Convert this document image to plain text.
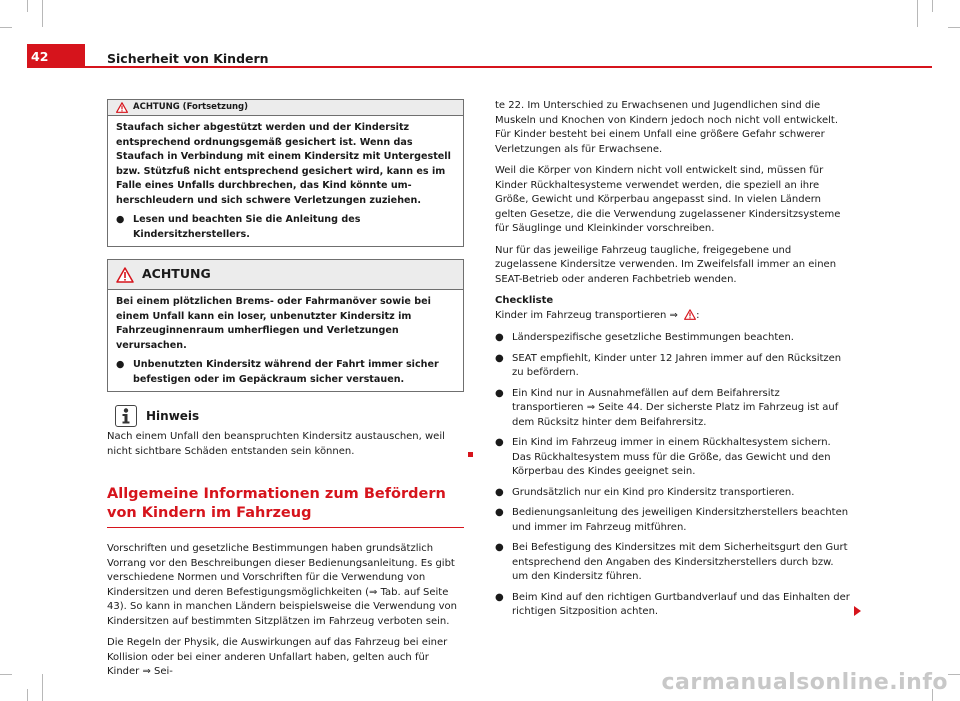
42	Sicherheit von Kindern
ACHTUNG (Fortsetzung)

Staufach sicher abgestützt werden und der Kindersitz entsprechend ordnungsgemäß gesichert ist. Wenn das Staufach in Verbindung mit einem Kindersitz mit Untergestell bzw. Stützfuß nicht entsprechend gesichert wird, kann es im Falle eines Unfalls durchbrechen, das Kind könnte umherschleudern und sich schwere Verletzungen zuziehen.

● Lesen und beachten Sie die Anleitung des Kindersitzherstellers.
ACHTUNG

Bei einem plötzlichen Brems- oder Fahrmanöver sowie bei einem Unfall kann ein loser, unbenutzter Kindersitz im Fahrzeuginnenraum umherfliegen und Verletzungen verursachen.

● Unbenutzten Kindersitz während der Fahrt immer sicher befestigen oder im Gepäckraum sicher verstauen.
Hinweis

Nach einem Unfall den beanspruchten Kindersitz austauschen, weil nicht sichtbare Schäden entstanden sein können.

Allgemeine Informationen zum Befördern von Kindern im Fahrzeug

Vorschriften und gesetzliche Bestimmungen haben grundsätzlich Vorrang vor den Beschreibungen dieser Bedienungsanleitung. Es gibt verschiedene Normen und Vorschriften für die Verwendung von Kindersitzen und deren Befestigungsmöglichkeiten (⇒ Tab. auf Seite 43). So kann in manchen Ländern beispielsweise die Verwendung von Kindersitzen auf bestimmten Sitzplätzen im Fahrzeug verboten sein.

Die Regeln der Physik, die Auswirkungen auf das Fahrzeug bei einer Kollision oder bei einer anderen Unfallart haben, gelten auch für Kinder ⇒ Sei-

te 22. Im Unterschied zu Erwachsenen und Jugendlichen sind die Muskeln und Knochen von Kindern jedoch noch nicht voll entwickelt. Für Kinder besteht bei einem Unfall eine größere Gefahr schwerer Verletzungen als für Erwachsene.

Weil die Körper von Kindern nicht voll entwickelt sind, müssen für Kinder Rückhaltesysteme verwendet werden, die speziell an ihre Größe, Gewicht und Körperbau angepasst sind. In vielen Ländern gelten Gesetze, die die Verwendung zugelassener Kindersitzsysteme für Säuglinge und Kleinkinder vorschreiben.

Nur für das jeweilige Fahrzeug taugliche, freigegebene und zugelassene Kindersitze verwenden. Im Zweifelsfall immer an einen SEAT-Betrieb oder anderen Fachbetrieb wenden.

Checkliste

Kinder im Fahrzeug transportieren ⇒ :

● Länderspezifische gesetzliche Bestimmungen beachten.
● SEAT empfiehlt, Kinder unter 12 Jahren immer auf den Rücksitzen zu befördern.
● Ein Kind nur in Ausnahmefällen auf dem Beifahrersitz transportieren ⇒ Seite 44. Der sicherste Platz im Fahrzeug ist auf dem Rücksitz hinter dem Beifahrersitz.
● Ein Kind im Fahrzeug immer in einem Rückhaltesystem sichern. Das Rückhaltesystem muss für die Größe, das Gewicht und den Körperbau des Kindes geeignet sein.
● Grundsätzlich nur ein Kind pro Kindersitz transportieren.
● Bedienungsanleitung des jeweiligen Kindersitzherstellers beachten und immer im Fahrzeug mitführen.
● Bei Befestigung des Kindersitzes mit dem Sicherheitsgurt den Gurt entsprechend den Angaben des Kindersitzherstellers durch bzw. um den Kindersitz führen.
● Beim Kind auf den richtigen Gurtbandverlauf und das Einhalten der richtigen Sitzposition achten.
carmanualsonline.info
